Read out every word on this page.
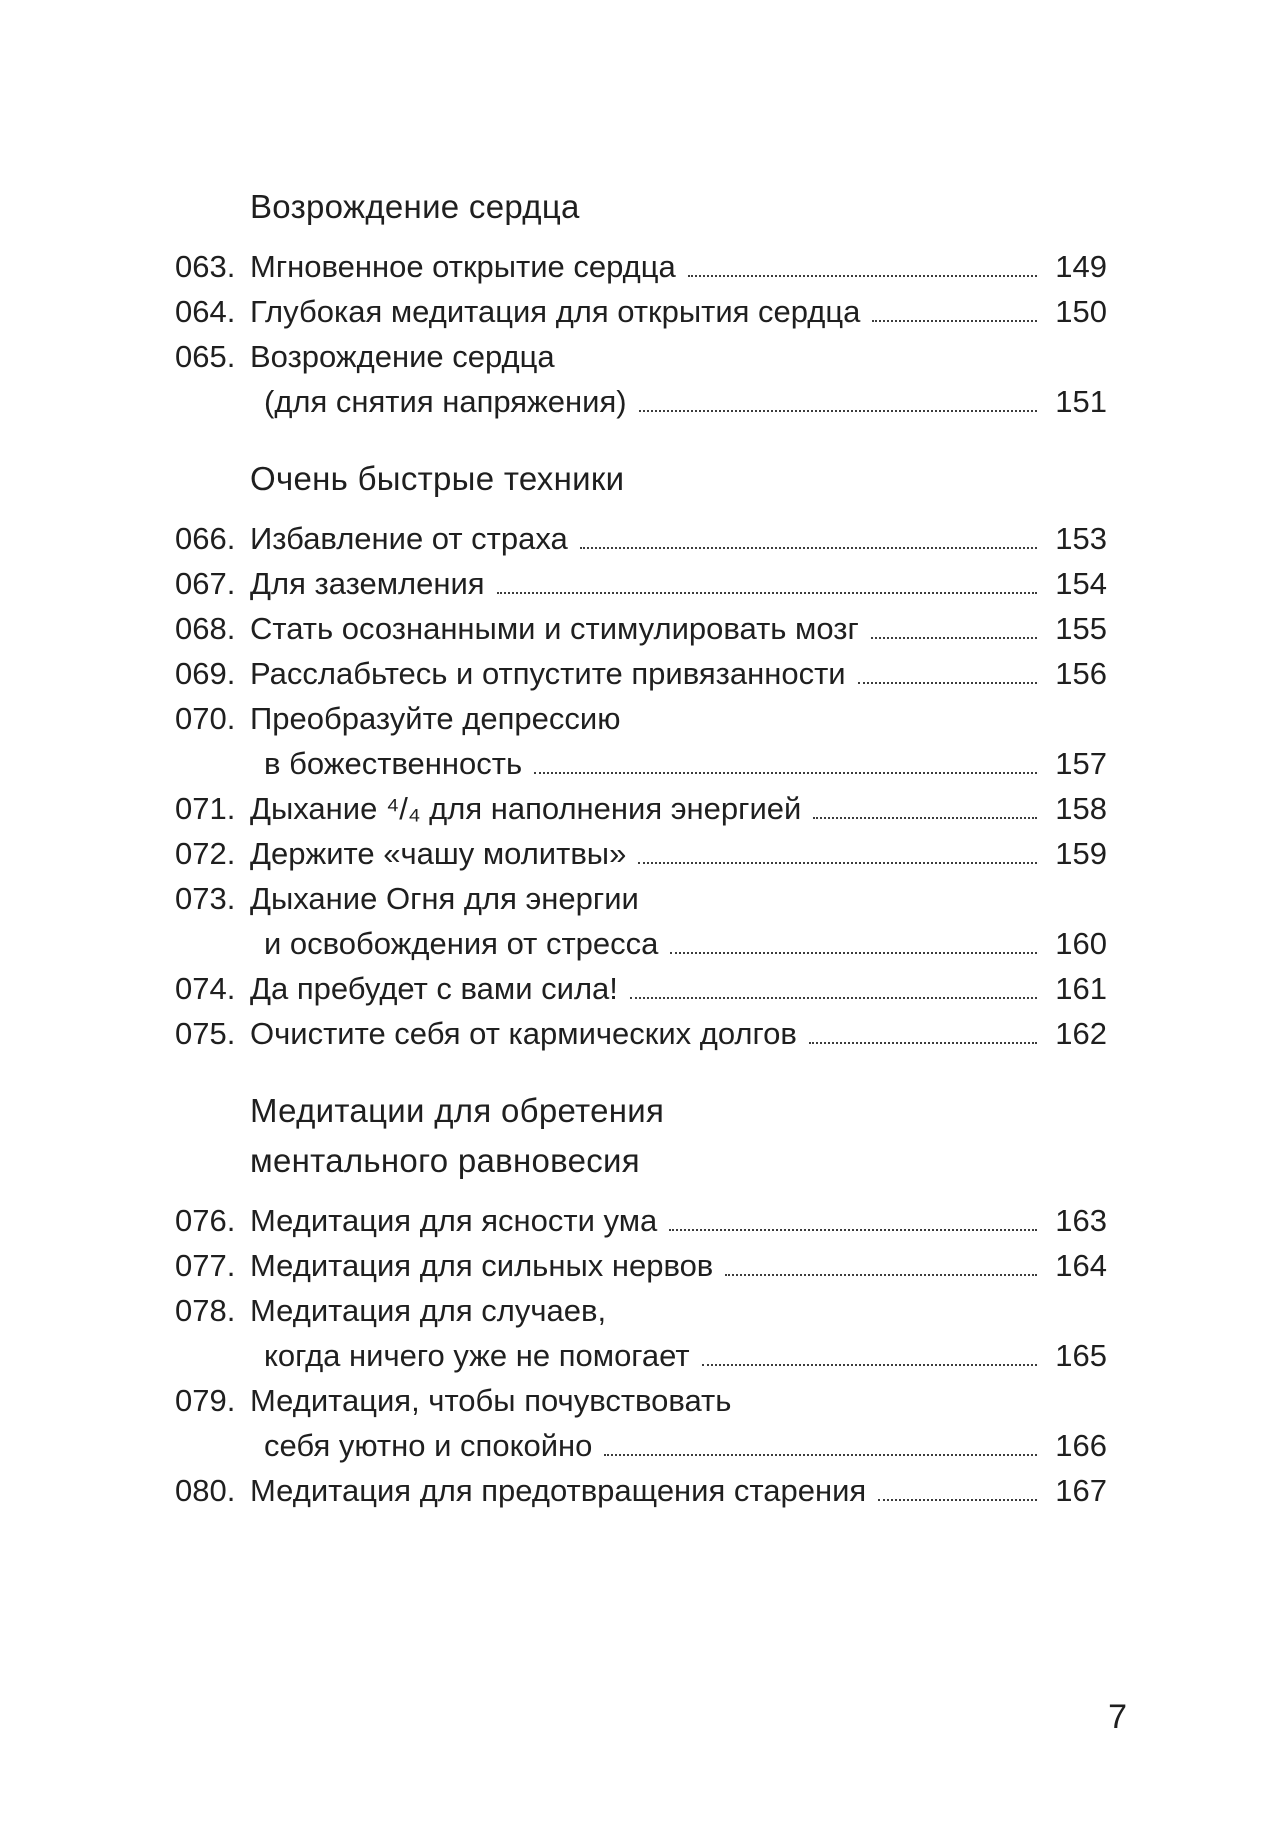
Возрождение сердца
063. Мгновенное открытие сердца	149
064. Глубокая медитация для открытия сердца	150
065. Возрождение сердца
(для снятия напряжения)	151
Очень быстрые техники
066. Избавление от страха	153
067. Для заземления	154
068. Стать осознанными и стимулировать мозг	155
069. Расслабьтесь и отпустите привязанности	156
070. Преобразуйте депрессию
в божественность	157
071. Дыхание ⁴/₄ для наполнения энергией	158
072. Держите «чашу молитвы»	159
073. Дыхание Огня для энергии
и освобождения от стресса	160
074. Да пребудет с вами сила!	161
075. Очистите себя от кармических долгов	162
Медитации для обретения
ментального равновесия
076. Медитация для ясности ума	163
077. Медитация для сильных нервов	164
078. Медитация для случаев,
когда ничего уже не помогает	165
079. Медитация, чтобы почувствовать
себя уютно и спокойно	166
080. Медитация для предотвращения старения	167
7
